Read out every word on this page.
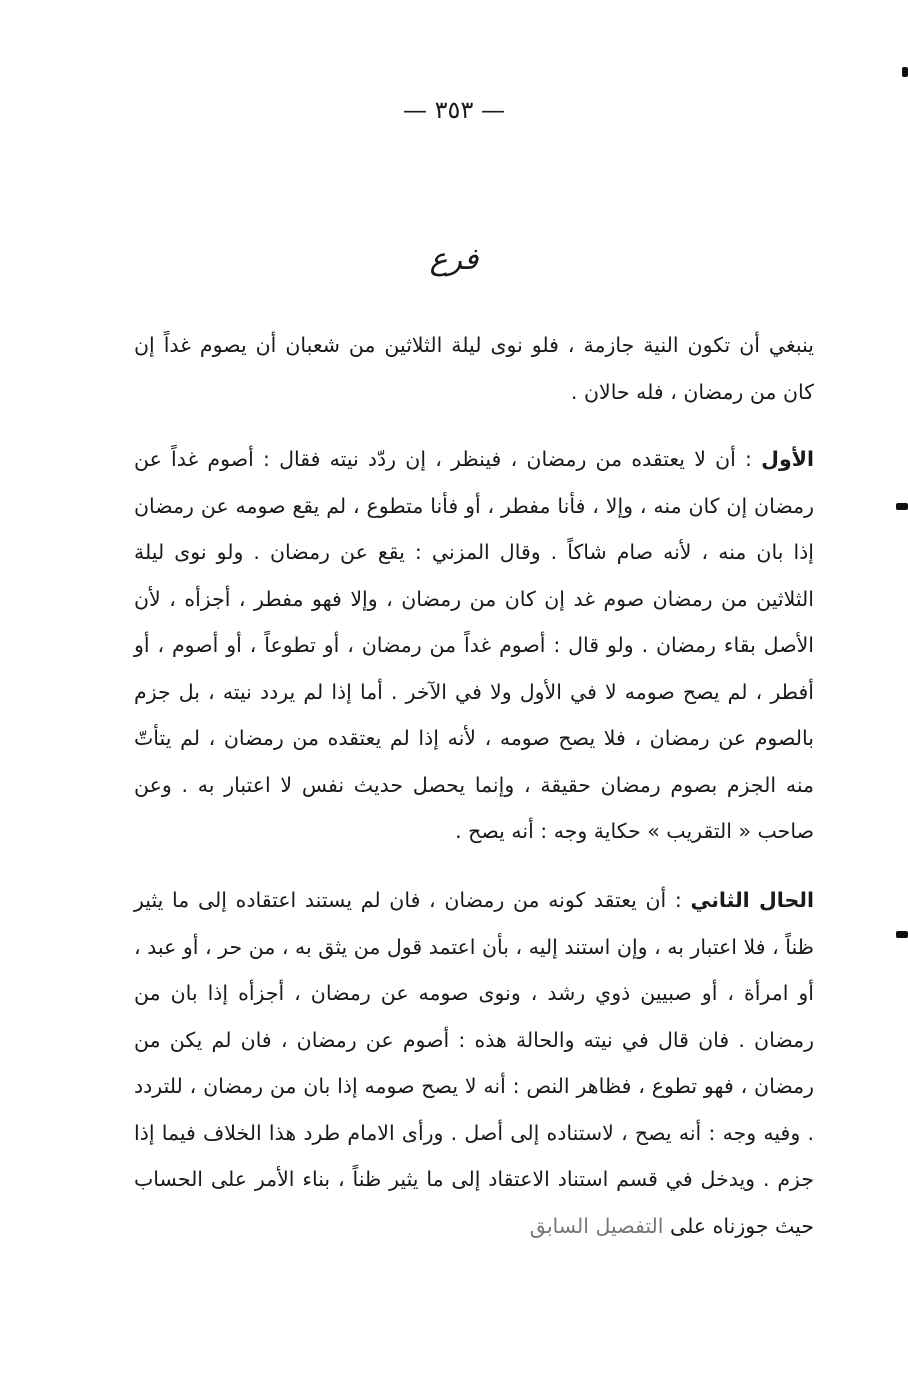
— ٣٥٣ —
فرع

ينبغي أن تكون النية جازمة ، فلو نوى ليلة الثلاثين من شعبان أن يصوم غداً إن كان من رمضان ، فله حالان .

الأول : أن لا يعتقده من رمضان ، فينظر ، إن ردّد نيته فقال : أصوم غداً عن رمضان إن كان منه ، وإلا ، فأنا مفطر ، أو فأنا متطوع ، لم يقع صومه عن رمضان إذا بان منه ، لأنه صام شاكاً . وقال المزني : يقع عن رمضان . ولو نوى ليلة الثلاثين من رمضان صوم غد إن كان من رمضان ، وإلا فهو مفطر ، أجزأه ، لأن الأصل بقاء رمضان . ولو قال : أصوم غداً من رمضان ، أو تطوعاً ، أو أصوم ، أو أفطر ، لم يصح صومه لا في الأول ولا في الآخر . أما إذا لم يردد نيته ، بل جزم بالصوم عن رمضان ، فلا يصح صومه ، لأنه إذا لم يعتقده من رمضان ، لم يتأتّ منه الجزم بصوم رمضان حقيقة ، وإنما يحصل حديث نفس لا اعتبار به . وعن صاحب « التقريب » حكاية وجه : أنه يصح .

الحال الثاني : أن يعتقد كونه من رمضان ، فان لم يستند اعتقاده إلى ما يثير ظناً ، فلا اعتبار به ، وإن استند إليه ، بأن اعتمد قول من يثق به ، من حر ، أو عبد ، أو امرأة ، أو صبيين ذوي رشد ، ونوى صومه عن رمضان ، أجزأه إذا بان من رمضان . فان قال في نيته والحالة هذه : أصوم عن رمضان ، فان لم يكن من رمضان ، فهو تطوع ، فظاهر النص : أنه لا يصح صومه إذا بان من رمضان ، للتردد . وفيه وجه : أنه يصح ، لاستناده إلى أصل . ورأى الامام طرد هذا الخلاف فيما إذا جزم . ويدخل في قسم استناد الاعتقاد إلى ما يثير ظناً ، بناء الأمر على الحساب حيث جوزناه على التفصيل السابق
